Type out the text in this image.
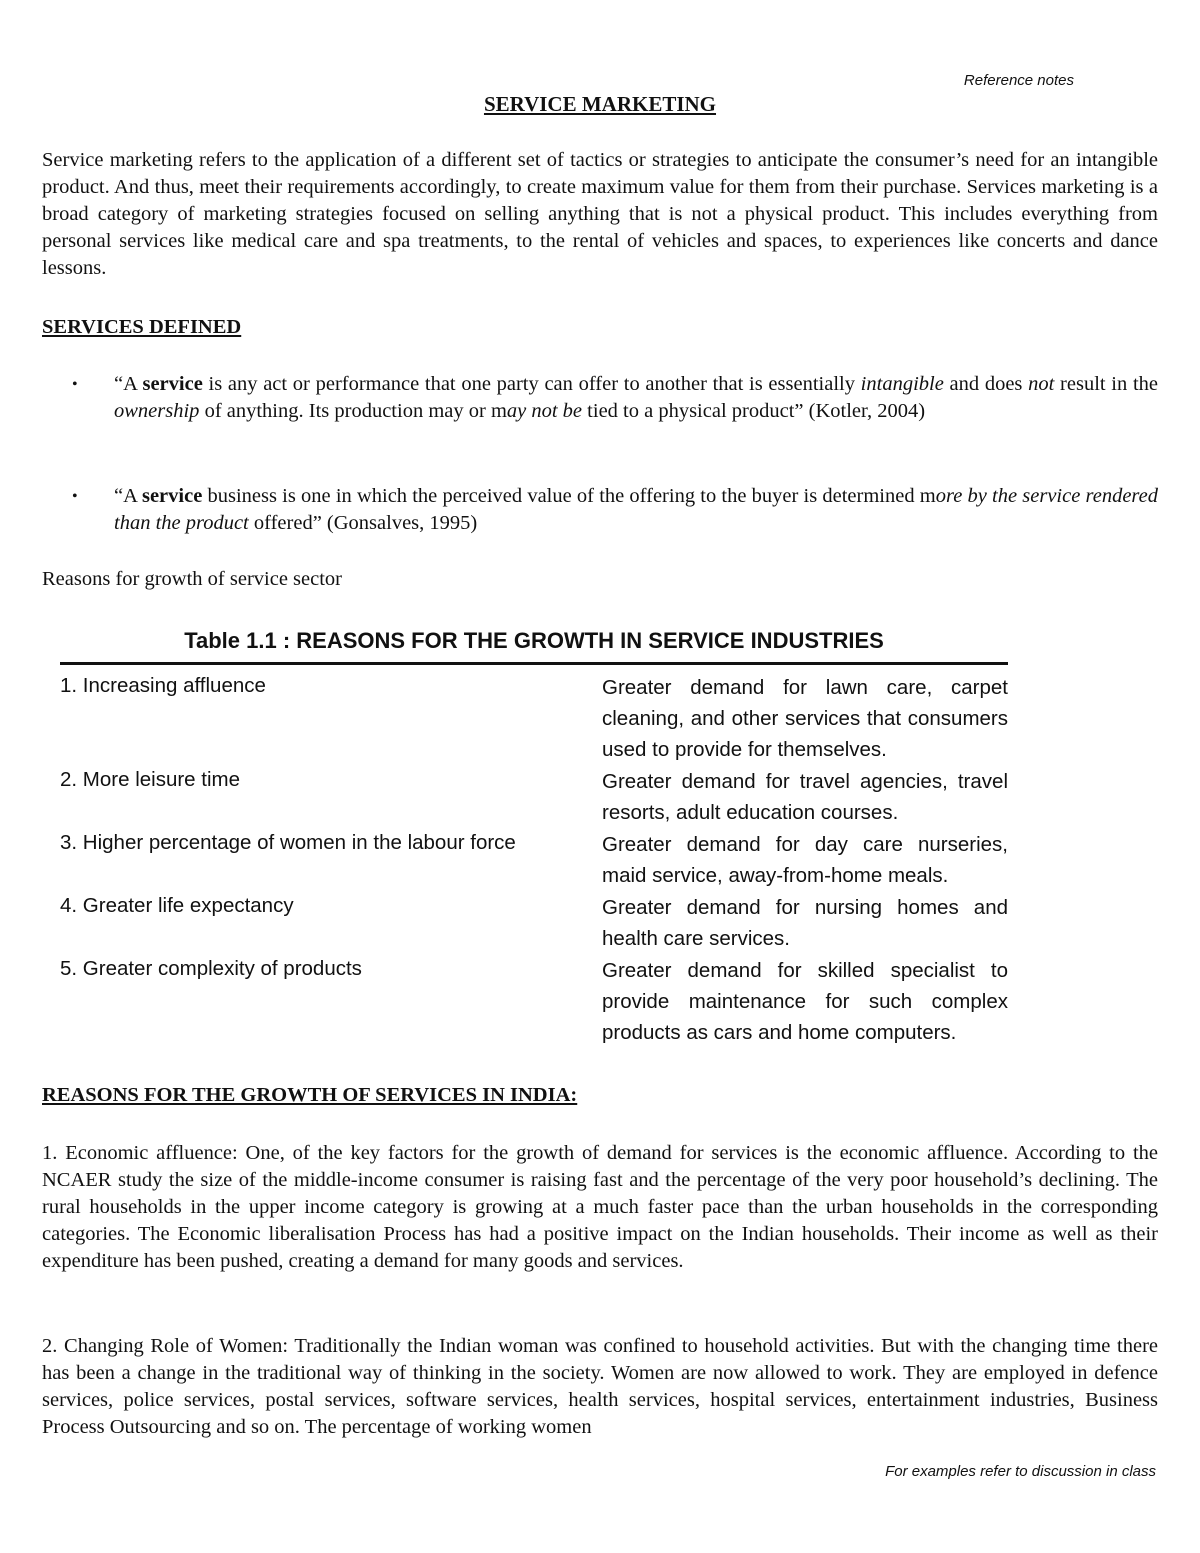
Reference notes
SERVICE MARKETING

Service marketing refers to the application of a different set of tactics or strategies to anticipate the consumer’s need for an intangible product. And thus, meet their requirements accordingly, to create maximum value for them from their purchase. Services marketing is a broad category of marketing strategies focused on selling anything that is not a physical product. This includes everything from personal services like medical care and spa treatments, to the rental of vehicles and spaces, to experiences like concerts and dance lessons.

SERVICES DEFINED
• “A service is any act or performance that one party can offer to another that is essentially intangible and does not result in the ownership of anything. Its production may or may not be tied to a physical product” (Kotler, 2004)
• “A service business is one in which the perceived value of the offering to the buyer is determined more by the service rendered than the product offered” (Gonsalves, 1995)

Reasons for growth of service sector

Table 1.1 : REASONS FOR THE GROWTH IN SERVICE INDUSTRIES
1. Increasing affluence	Greater demand for lawn care, carpet cleaning, and other services that consumers used to provide for themselves.
2. More leisure time	Greater demand for travel agencies, travel resorts, adult education courses.
3. Higher percentage of women in the labour force	Greater demand for day care nurseries, maid service, away-from-home meals.
4. Greater life expectancy	Greater demand for nursing homes and health care services.
5. Greater complexity of products	Greater demand for skilled specialist to provide maintenance for such complex products as cars and home computers.
REASONS FOR THE GROWTH OF SERVICES IN INDIA:

1. Economic affluence: One, of the key factors for the growth of demand for services is the economic affluence. According to the NCAER study the size of the middle-income consumer is raising fast and the percentage of the very poor household’s declining. The rural households in the upper income category is growing at a much faster pace than the urban households in the corresponding categories. The Economic liberalisation Process has had a positive impact on the Indian households. Their income as well as their expenditure has been pushed, creating a demand for many goods and services.

2. Changing Role of Women: Traditionally the Indian woman was confined to household activities. But with the changing time there has been a change in the traditional way of thinking in the society. Women are now allowed to work. They are employed in defence services, police services, postal services, software services, health services, hospital services, entertainment industries, Business Process Outsourcing and so on. The percentage of working women

For examples refer to discussion in class
